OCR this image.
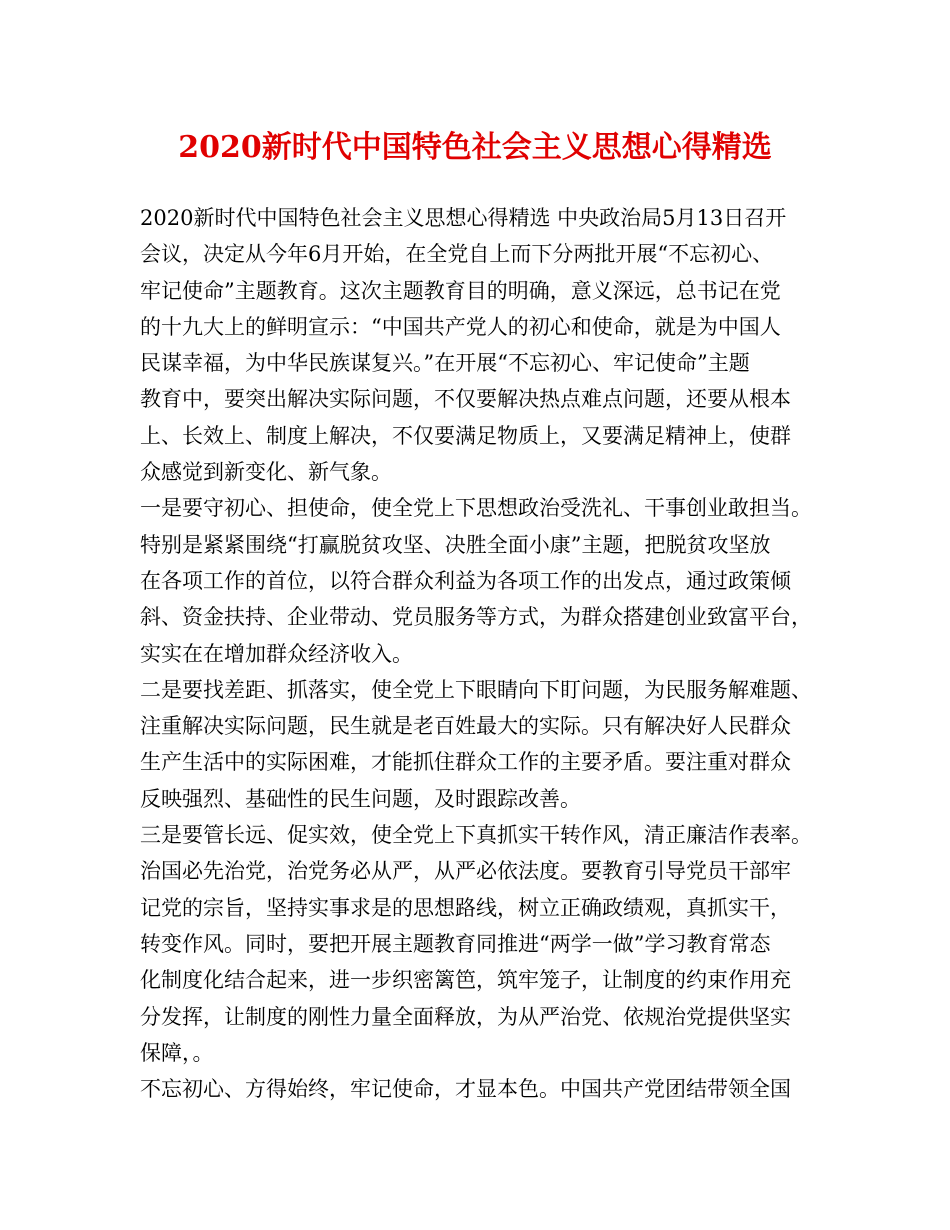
2020新时代中国特色社会主义思想心得精选
2020新时代中国特色社会主义思想心得精选 中央政治局5月13日召开
会议，决定从今年6月开始，在全党自上而下分两批开展“不忘初心、
牢记使命”主题教育。这次主题教育目的明确，意义深远，总书记在党
的十九大上的鲜明宣示：“中国共产党人的初心和使命，就是为中国人
民谋幸福，为中华民族谋复兴。”在开展“不忘初心、牢记使命”主题
教育中，要突出解决实际问题，不仅要解决热点难点问题，还要从根本
上、长效上、制度上解决，不仅要满足物质上，又要满足精神上，使群
众感觉到新变化、新气象。
一是要守初心、担使命，使全党上下思想政治受洗礼、干事创业敢担当。
特别是紧紧围绕“打赢脱贫攻坚、决胜全面小康”主题，把脱贫攻坚放
在各项工作的首位，以符合群众利益为各项工作的出发点，通过政策倾
斜、资金扶持、企业带动、党员服务等方式，为群众搭建创业致富平台，
实实在在增加群众经济收入。
二是要找差距、抓落实，使全党上下眼睛向下盯问题，为民服务解难题、
注重解决实际问题，民生就是老百姓最大的实际。只有解决好人民群众
生产生活中的实际困难，才能抓住群众工作的主要矛盾。要注重对群众
反映强烈、基础性的民生问题，及时跟踪改善。
三是要管长远、促实效，使全党上下真抓实干转作风，清正廉洁作表率。
治国必先治党，治党务必从严，从严必依法度。要教育引导党员干部牢
记党的宗旨，坚持实事求是的思想路线，树立正确政绩观，真抓实干，
转变作风。同时，要把开展主题教育同推进“两学一做”学习教育常态
化制度化结合起来，进一步织密篱笆，筑牢笼子，让制度的约束作用充
分发挥，让制度的刚性力量全面释放，为从严治党、依规治党提供坚实
保障，。
不忘初心、方得始终，牢记使命，才显本色。中国共产党团结带领全国
